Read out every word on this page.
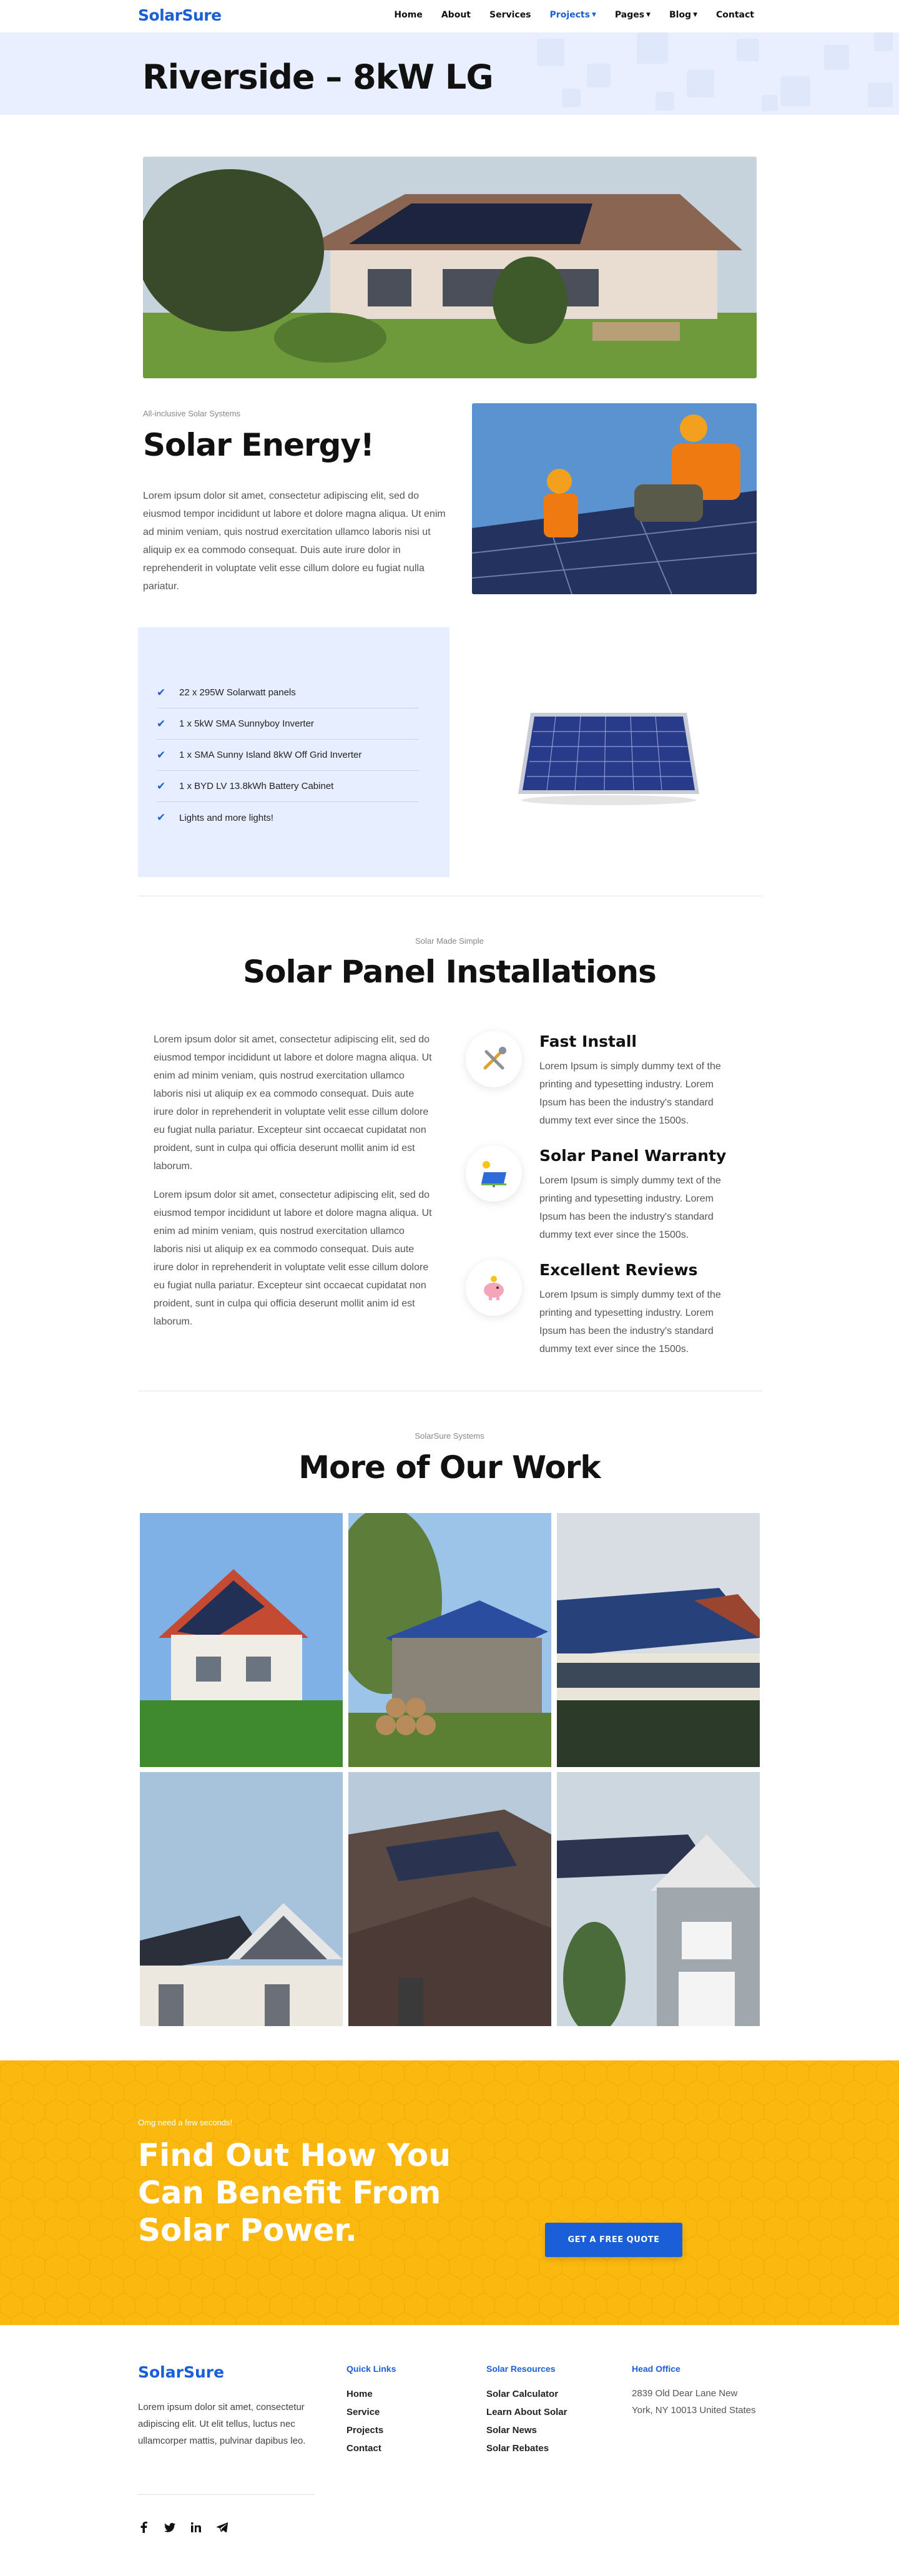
SolarSure	Home About Services Projects ▼ Pages ▼ Blog ▼ Contact
Riverside – 8kW LG
All-inclusive Solar Systems
Solar Energy!

Lorem ipsum dolor sit amet, consectetur adipiscing elit, sed do eiusmod tempor incididunt ut labore et dolore magna aliqua. Ut enim ad minim veniam, quis nostrud exercitation ullamco laboris nisi ut aliquip ex ea commodo consequat. Duis aute irure dolor in reprehenderit in voluptate velit esse cillum dolore eu fugiat nulla pariatur.

✔ 22 x 295W Solarwatt panels
✔ 1 x 5kW SMA Sunnyboy Inverter
✔ 1 x SMA Sunny Island 8kW Off Grid Inverter
✔ 1 x BYD LV 13.8kWh Battery Cabinet
✔ Lights and more lights!
Solar Made Simple
Solar Panel Installations

Lorem ipsum dolor sit amet, consectetur adipiscing elit, sed do eiusmod tempor incididunt ut labore et dolore magna aliqua. Ut enim ad minim veniam, quis nostrud exercitation ullamco laboris nisi ut aliquip ex ea commodo consequat. Duis aute irure dolor in reprehenderit in voluptate velit esse cillum dolore eu fugiat nulla pariatur. Excepteur sint occaecat cupidatat non proident, sunt in culpa qui officia deserunt mollit anim id est laborum.

Lorem ipsum dolor sit amet, consectetur adipiscing elit, sed do eiusmod tempor incididunt ut labore et dolore magna aliqua. Ut enim ad minim veniam, quis nostrud exercitation ullamco laboris nisi ut aliquip ex ea commodo consequat. Duis aute irure dolor in reprehenderit in voluptate velit esse cillum dolore eu fugiat nulla pariatur. Excepteur sint occaecat cupidatat non proident, sunt in culpa qui officia deserunt mollit anim id est laborum.

Fast Install

Lorem Ipsum is simply dummy text of the printing and typesetting industry. Lorem Ipsum has been the industry's standard dummy text ever since the 1500s.

Solar Panel Warranty

Lorem Ipsum is simply dummy text of the printing and typesetting industry. Lorem Ipsum has been the industry's standard dummy text ever since the 1500s.

Excellent Reviews

Lorem Ipsum is simply dummy text of the printing and typesetting industry. Lorem Ipsum has been the industry's standard dummy text ever since the 1500s.

SolarSure Systems
More of Our Work
Omg need a few seconds!
Find Out How You Can Benefit From Solar Power.	GET A FREE QUOTE
SolarSure

Lorem ipsum dolor sit amet, consectetur adipiscing elit. Ut elit tellus, luctus nec ullamcorper mattis, pulvinar dapibus leo.

Quick Links
Home
Service
Projects
Contact
Solar Resources
Solar Calculator
Learn About Solar
Solar News
Solar Rebates
Head Office

2839 Old Dear Lane New York, NY 10013 United States
